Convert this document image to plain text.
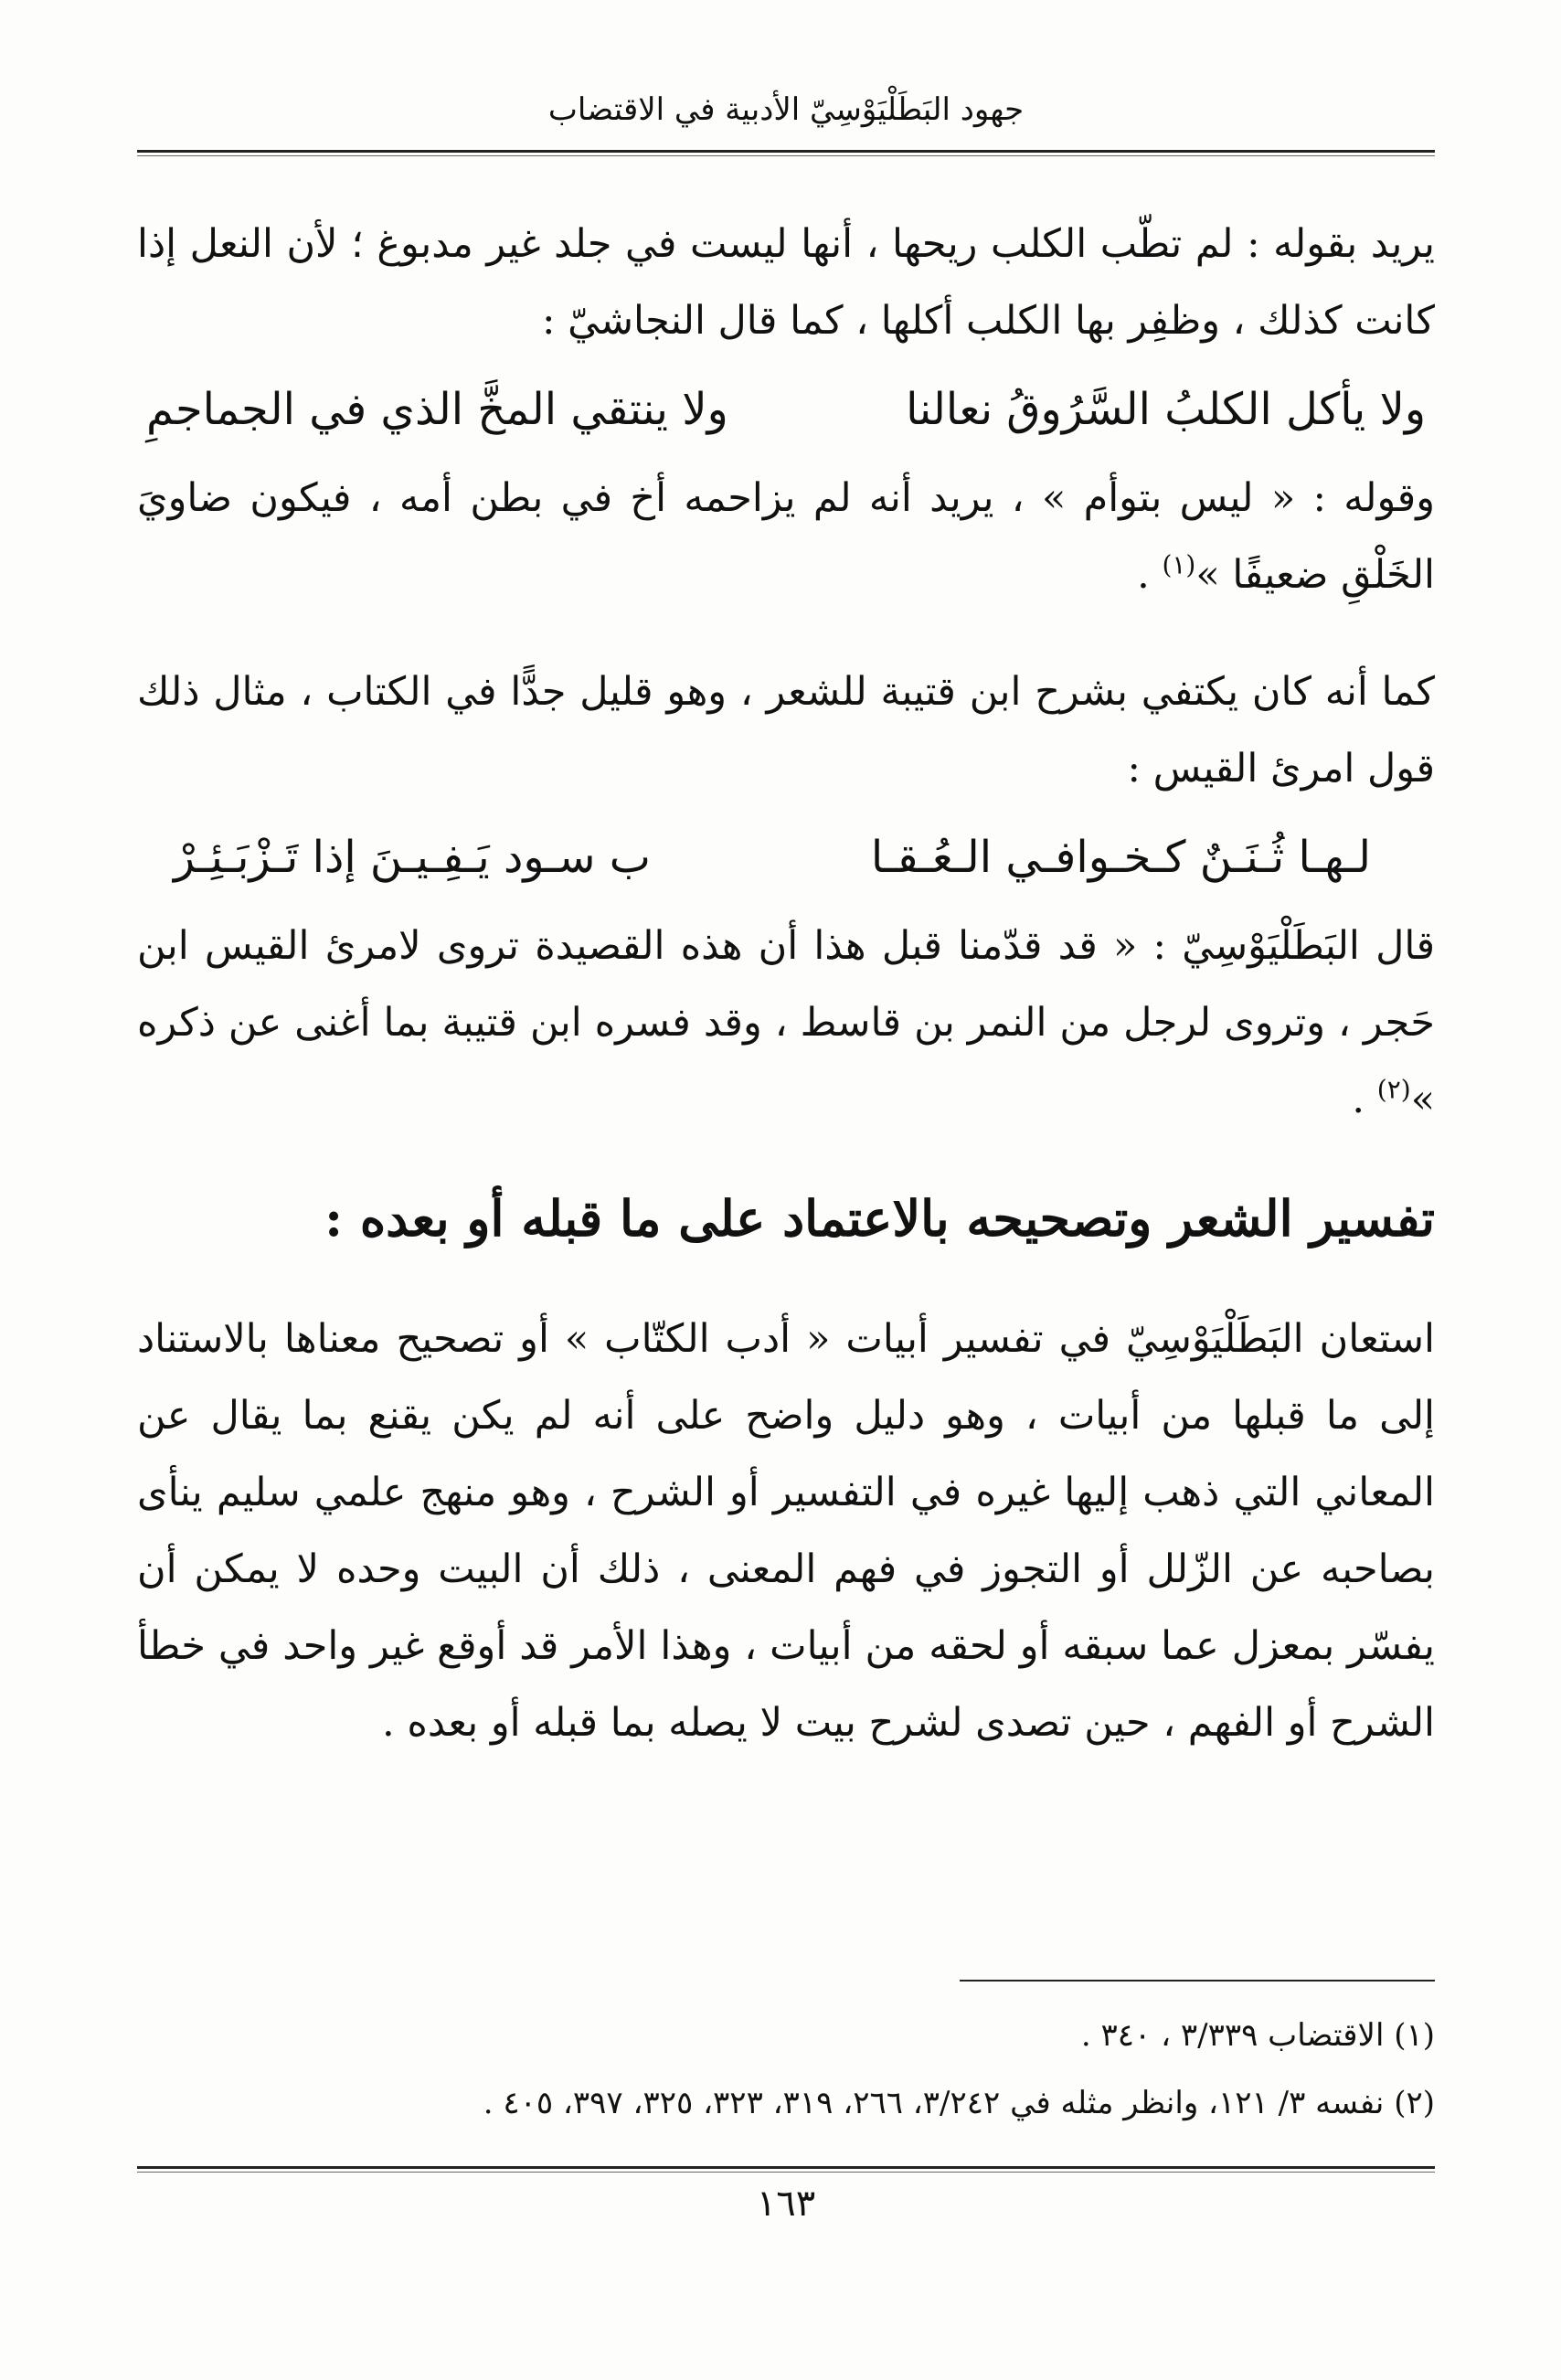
جهود البَطَلْيَوْسِيّ الأدبية في الاقتضاب

يريد بقوله : لم تطّب الكلب ريحها ، أنها ليست في جلد غير مدبوغ ؛ لأن النعل إذا كانت كذلك ، وظفِر بها الكلب أكلها ، كما قال النجاشيّ :

ولا يأكل الكلبُ السَّرُوقُ نعالنا
ولا ينتقي المخَّ الذي في الجماجمِ

وقوله : « ليس بتوأم » ، يريد أنه لم يزاحمه أخ في بطن أمه ، فيكون ضاويَ الخَلْقِ ضعيفًا »$^{(١)}$ .

كما أنه كان يكتفي بشرح ابن قتيبة للشعر ، وهو قليل جدًّا في الكتاب ، مثال ذلك قول امرئ القيس :

لـهـا ثُـنَـنٌ كـخـوافـي الـعُـقـا
ب سـود يَـفِـيـنَ إذا تَـزْبَـئِـرْ

قال البَطَلْيَوْسِيّ : « قد قدّمنا قبل هذا أن هذه القصيدة تروى لامرئ القيس ابن حَجر ، وتروى لرجل من النمر بن قاسط ، وقد فسره ابن قتيبة بما أغنى عن ذكره »$^{(٢)}$ .

تفسير الشعر وتصحيحه بالاعتماد على ما قبله أو بعده :

استعان البَطَلْيَوْسِيّ في تفسير أبيات « أدب الكتّاب » أو تصحيح معناها بالاستناد إلى ما قبلها من أبيات ، وهو دليل واضح على أنه لم يكن يقنع بما يقال عن المعاني التي ذهب إليها غيره في التفسير أو الشرح ، وهو منهج علمي سليم ينأى بصاحبه عن الزّلل أو التجوز في فهم المعنى ، ذلك أن البيت وحده لا يمكن أن يفسّر بمعزل عما سبقه أو لحقه من أبيات ، وهذا الأمر قد أوقع غير واحد في خطأ الشرح أو الفهم ، حين تصدى لشرح بيت لا يصله بما قبله أو بعده .

(١) الاقتضاب ٣/٣٣٩ ، ٣٤٠ .

(٢) نفسه ٣/ ١٢١، وانظر مثله في ٣/٢٤٢، ٢٦٦، ٣١٩، ٣٢٣، ٣٢٥، ٣٩٧، ٤٠٥ .

١٦٣
